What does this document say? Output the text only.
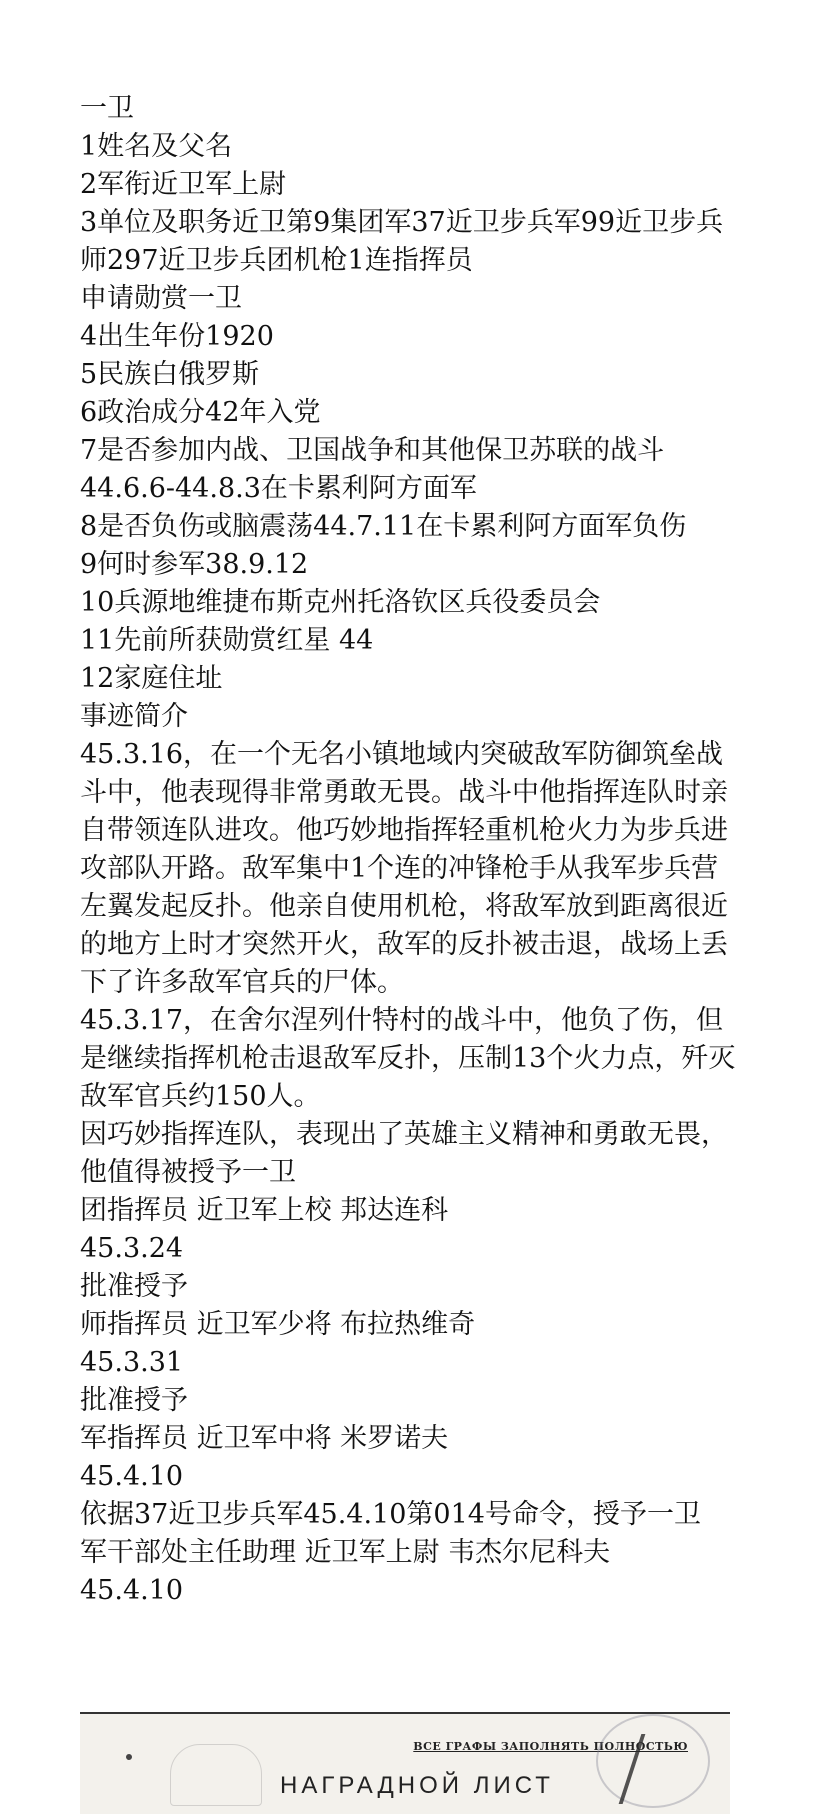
一卫

1姓名及父名

2军衔近卫军上尉

3单位及职务近卫第9集团军37近卫步兵军99近卫步兵师297近卫步兵团机枪1连指挥员

申请勋赏一卫

4出生年份1920

5民族白俄罗斯

6政治成分42年入党

7是否参加内战、卫国战争和其他保卫苏联的战斗44.6.6-44.8.3在卡累利阿方面军

8是否负伤或脑震荡44.7.11在卡累利阿方面军负伤

9何时参军38.9.12

10兵源地维捷布斯克州托洛钦区兵役委员会

11先前所获勋赏红星 44

12家庭住址

事迹简介

45.3.16，在一个无名小镇地域内突破敌军防御筑垒战斗中，他表现得非常勇敢无畏。战斗中他指挥连队时亲自带领连队进攻。他巧妙地指挥轻重机枪火力为步兵进攻部队开路。敌军集中1个连的冲锋枪手从我军步兵营左翼发起反扑。他亲自使用机枪，将敌军放到距离很近的地方上时才突然开火，敌军的反扑被击退，战场上丢下了许多敌军官兵的尸体。

45.3.17，在舍尔涅列什特村的战斗中，他负了伤，但是继续指挥机枪击退敌军反扑，压制13个火力点，歼灭敌军官兵约150人。

因巧妙指挥连队，表现出了英雄主义精神和勇敢无畏，他值得被授予一卫

团指挥员 近卫军上校 邦达连科

45.3.24

批准授予

师指挥员 近卫军少将 布拉热维奇

45.3.31

批准授予

军指挥员 近卫军中将 米罗诺夫

45.4.10

依据37近卫步兵军45.4.10第014号命令，授予一卫

军干部处主任助理 近卫军上尉 韦杰尔尼科夫

45.4.10

ВСЕ ГРАФЫ ЗАПОЛНЯТЬ ПОЛНОСТЬЮ
НАГРАДНОЙ ЛИСТ
